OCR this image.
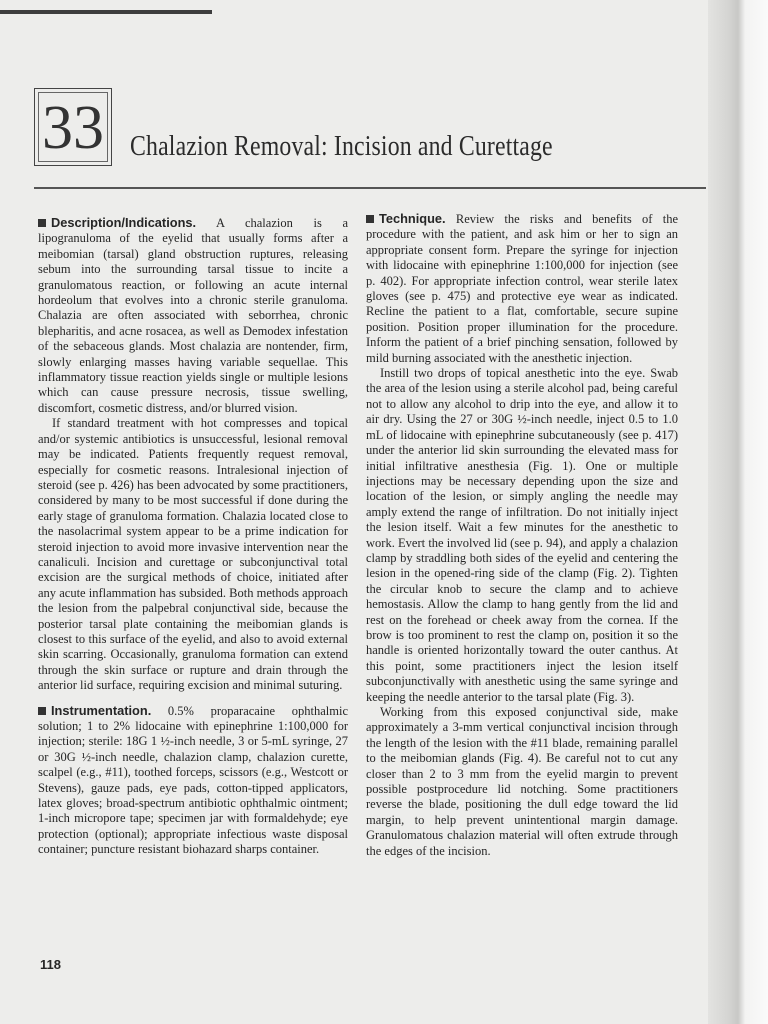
33 Chalazion Removal: Incision and Curettage

Description/Indications. A chalazion is a lipogranuloma of the eyelid that usually forms after a meibomian (tarsal) gland obstruction ruptures, releasing sebum into the surrounding tarsal tissue to incite a granulomatous reaction, or following an acute internal hordeolum that evolves into a chronic sterile granuloma. Chalazia are often associated with seborrhea, chronic blepharitis, and acne rosacea, as well as Demodex infestation of the sebaceous glands. Most chalazia are nontender, firm, slowly enlarging masses having variable sequellae. This inflammatory tissue reaction yields single or multiple lesions which can cause pressure necrosis, tissue swelling, discomfort, cosmetic distress, and/or blurred vision.

If standard treatment with hot compresses and topical and/or systemic antibiotics is unsuccessful, lesional removal may be indicated. Patients frequently request removal, especially for cosmetic reasons. Intralesional injection of steroid (see p. 426) has been advocated by some practitioners, considered by many to be most successful if done during the early stage of granuloma formation. Chalazia located close to the nasolacrimal system appear to be a prime indication for steroid injection to avoid more invasive intervention near the canaliculi. Incision and curettage or subconjunctival total excision are the surgical methods of choice, initiated after any acute inflammation has subsided. Both methods approach the lesion from the palpebral conjunctival side, because the posterior tarsal plate containing the meibomian glands is closest to this surface of the eyelid, and also to avoid external skin scarring. Occasionally, granuloma formation can extend through the skin surface or rupture and drain through the anterior lid surface, requiring excision and minimal suturing.

Instrumentation. 0.5% proparacaine ophthalmic solution; 1 to 2% lidocaine with epinephrine 1:100,000 for injection; sterile: 18G 1 ½-inch needle, 3 or 5-mL syringe, 27 or 30G ½-inch needle, chalazion clamp, chalazion curette, scalpel (e.g., #11), toothed forceps, scissors (e.g., Westcott or Stevens), gauze pads, eye pads, cotton-tipped applicators, latex gloves; broad-spectrum antibiotic ophthalmic ointment; 1-inch micropore tape; specimen jar with formaldehyde; eye protection (optional); appropriate infectious waste disposal container; puncture resistant biohazard sharps container.

Technique. Review the risks and benefits of the procedure with the patient, and ask him or her to sign an appropriate consent form. Prepare the syringe for injection with lidocaine with epinephrine 1:100,000 for injection (see p. 402). For appropriate infection control, wear sterile latex gloves (see p. 475) and protective eye wear as indicated. Recline the patient to a flat, comfortable, secure supine position. Position proper illumination for the procedure. Inform the patient of a brief pinching sensation, followed by mild burning associated with the anesthetic injection.

Instill two drops of topical anesthetic into the eye. Swab the area of the lesion using a sterile alcohol pad, being careful not to allow any alcohol to drip into the eye, and allow it to air dry. Using the 27 or 30G ½-inch needle, inject 0.5 to 1.0 mL of lidocaine with epinephrine subcutaneously (see p. 417) under the anterior lid skin surrounding the elevated mass for initial infiltrative anesthesia (Fig. 1). One or multiple injections may be necessary depending upon the size and location of the lesion, or simply angling the needle may amply extend the range of infiltration. Do not initially inject the lesion itself. Wait a few minutes for the anesthetic to work. Evert the involved lid (see p. 94), and apply a chalazion clamp by straddling both sides of the eyelid and centering the lesion in the opened-ring side of the clamp (Fig. 2). Tighten the circular knob to secure the clamp and to achieve hemostasis. Allow the clamp to hang gently from the lid and rest on the forehead or cheek away from the cornea. If the brow is too prominent to rest the clamp on, position it so the handle is oriented horizontally toward the outer canthus. At this point, some practitioners inject the lesion itself subconjunctivally with anesthetic using the same syringe and keeping the needle anterior to the tarsal plate (Fig. 3).

Working from this exposed conjunctival side, make approximately a 3-mm vertical conjunctival incision through the length of the lesion with the #11 blade, remaining parallel to the meibomian glands (Fig. 4). Be careful not to cut any closer than 2 to 3 mm from the eyelid margin to prevent possible postprocedure lid notching. Some practitioners reverse the blade, positioning the dull edge toward the lid margin, to help prevent unintentional margin damage. Granulomatous chalazion material will often extrude through the edges of the incision.

118
